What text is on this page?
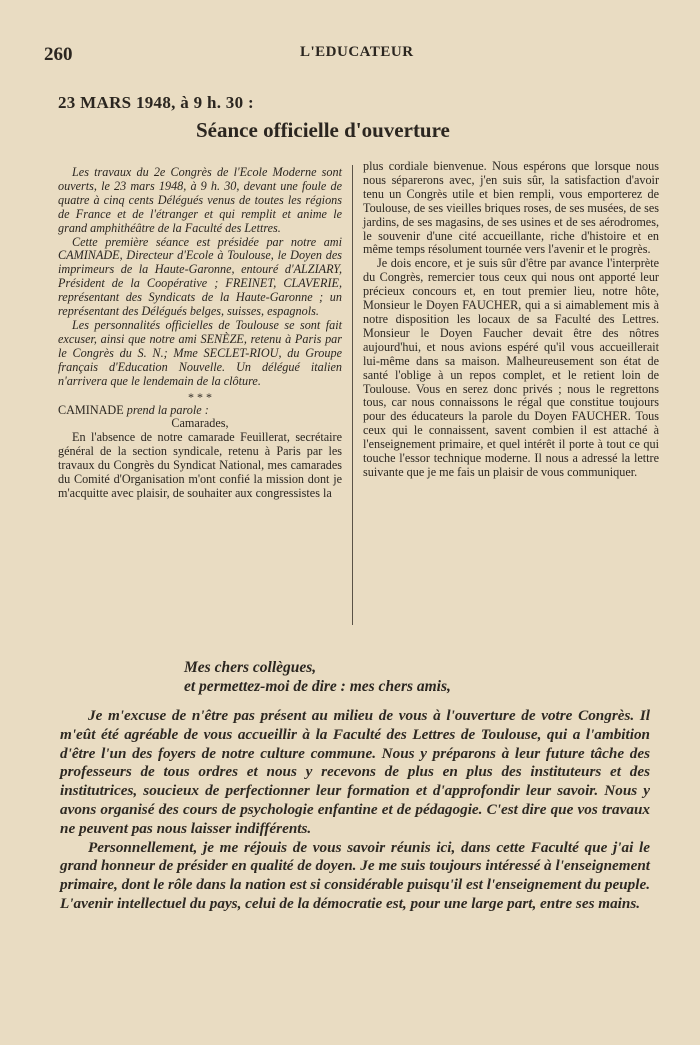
260	L'EDUCATEUR
23 MARS 1948, à 9 h. 30 :
Séance officielle d'ouverture

Les travaux du 2e Congrès de l'Ecole Moderne sont ouverts, le 23 mars 1948, à 9 h. 30, devant une foule de quatre à cinq cents Délégués venus de toutes les régions de France et de l'étranger et qui remplit et anime le grand amphithéâtre de la Faculté des Lettres.

Cette première séance est présidée par notre ami CAMINADE, Directeur d'Ecole à Toulouse, le Doyen des imprimeurs de la Haute-Garonne, entouré d'ALZIARY, Président de la Coopérative ; FREINET, CLAVERIE, représentant des Syndicats de la Haute-Garonne ; un représentant des Délégués belges, suisses, espagnols.

Les personnalités officielles de Toulouse se sont fait excuser, ainsi que notre ami SENÈZE, retenu à Paris par le Congrès du S. N.; Mme SECLET-RIOU, du Groupe français d'Education Nouvelle. Un délégué italien n'arrivera que le lendemain de la clôture.

* * *

CAMINADE prend la parole :

Camarades,

En l'absence de notre camarade Feuillerat, secrétaire général de la section syndicale, retenu à Paris par les travaux du Congrès du Syndicat National, mes camarades du Comité d'Organisation m'ont confié la mission dont je m'acquitte avec plaisir, de souhaiter aux congressistes la

plus cordiale bienvenue. Nous espérons que lorsque nous nous séparerons avec, j'en suis sûr, la satisfaction d'avoir tenu un Congrès utile et bien rempli, vous emporterez de Toulouse, de ses vieilles briques roses, de ses musées, de ses jardins, de ses magasins, de ses usines et de ses aérodromes, le souvenir d'une cité accueillante, riche d'histoire et en même temps résolument tournée vers l'avenir et le progrès.

Je dois encore, et je suis sûr d'être par avance l'interprète du Congrès, remercier tous ceux qui nous ont apporté leur précieux concours et, en tout premier lieu, notre hôte, Monsieur le Doyen FAUCHER, qui a si aimablement mis à notre disposition les locaux de sa Faculté des Lettres. Monsieur le Doyen Faucher devait être des nôtres aujourd'hui, et nous avions espéré qu'il vous accueillerait lui-même dans sa maison. Malheureusement son état de santé l'oblige à un repos complet, et le retient loin de Toulouse. Vous en serez donc privés ; nous le regrettons tous, car nous connaissons le régal que constitue toujours pour des éducateurs la parole du Doyen FAUCHER. Tous ceux qui le connaissent, savent combien il est attaché à l'enseignement primaire, et quel intérêt il porte à tout ce qui touche l'essor technique moderne. Il nous a adressé la lettre suivante que je me fais un plaisir de vous communiquer.

Mes chers collègues,
et permettez-moi de dire : mes chers amis,

Je m'excuse de n'être pas présent au milieu de vous à l'ouverture de votre Congrès. Il m'eût été agréable de vous accueillir à la Faculté des Lettres de Toulouse, qui a l'ambition d'être l'un des foyers de notre culture commune. Nous y préparons à leur future tâche des professeurs de tous ordres et nous y recevons de plus en plus des instituteurs et des institutrices, soucieux de perfectionner leur formation et d'approfondir leur savoir. Nous y avons organisé des cours de psychologie enfantine et de pédagogie. C'est dire que vos travaux ne peuvent pas nous laisser indifférents.

Personnellement, je me réjouis de vous savoir réunis ici, dans cette Faculté que j'ai le grand honneur de présider en qualité de doyen. Je me suis toujours intéressé à l'enseignement primaire, dont le rôle dans la nation est si considérable puisqu'il est l'enseignement du peuple. L'avenir intellectuel du pays, celui de la démocratie est, pour une large part, entre ses mains.
